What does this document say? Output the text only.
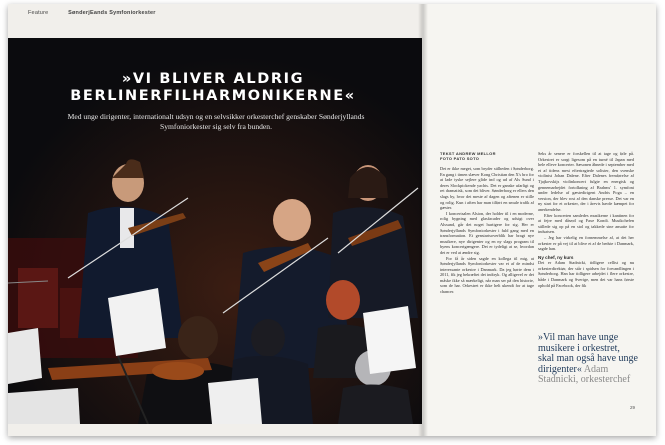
Feature	SønderjEands Symfoniorkester
»VI BLIVER ALDRIG BERLINERFILHARMONIKERNE«
Med unge dirigenter, internationalt udsyn og en selvsikker orkesterchef genskaber Sønderjyllands Symfoniorkester sig selv fra bunden.
TEKST ANDREW MELLOR
FOTO PATO SOTO

Det er ikke meget, som bryder stilheden i Sønderborg. En gang i timen slæver Kong Christian den X's bro for at lade tyske sejlere glide ind og ud af Als Sund i deres Slockpickende yachts. Det er ganske ufarligt og ret dramatisk, som det bliver. Sønderborg er ellers den slags by, hvor det meste af dagen og aftenen er stille og rolig. Kun i aften har man tilført en smule trafik af gæster.

I koncertsalen Alsion, der holder til i en moderne, rolig bygning med glasfacader og udsigt over Alssund, går det noget hurtigere for sig. Her er Sønderjyllands Symfoniorkester i fuld gang med en transformation. Et genstartsoverblik har bragt nye musikere, nye dirigenter og en ny slags program til byens koncertgængere. Det er tydeligt at se, hvordan det er ved at ændre sig.

For få år siden sagde en kollega til mig, at Sønderjyllands Symfoniorkester var et af de mindst interessante orkestre i Danmark. Da jeg hørte dem i 2011, fik jeg bekræftet det indtryk. Og alligevel er det måske ikke så mærkeligt, når man ser på den historie, som de har. Orkestret er ikke helt ukendt for at tage chancer.

Seks år senere er forskellen til at tage og føle på. Orkestret er sorgt ligesom på en turné til Japan med hele elleve koncerter. Sæsonen åbnede i september med et af tidens mest eftertragtede solister, den svenske violinist Johan Dalene. Efter Dalenes fremførelse af Tjajkovskijs violinkoncert fulgte en energisk og gennemarbejdet fortolkning af Brahms' 1. symfoni under ledelse af gæstedirigent Andris Poga – en version, der blev rost af den danske presse. Det var en ny start for et orkester, der i årevis havde kæmpet for anerkendelse.

Efter koncerten samledes musikerne i kantinen for at fejre med dåseøl og Faxe Kondi. Musikchefen stillede sig op på en stol og takkede sine ansatte for indsatsen.

– Jeg har virkelig en fornemmelse af, at det her orkester er på vej til at blive et af de bedste i Danmark, sagde han.

Ny chef, ny kurs

Det er Adam Stadnicki, tidligere cellist og nu orkesterdirektør, der står i spidsen for forvandlingen i Sønderborg. Han har tidligere arbejdet i flere orkestre, både i Danmark og Sverige, men det var hans første ophold på Facebook, der fik

»Vil man have unge musikere i orkestret, skal man også have unge dirigenter« Adam Stadnicki, orkesterchef
29
